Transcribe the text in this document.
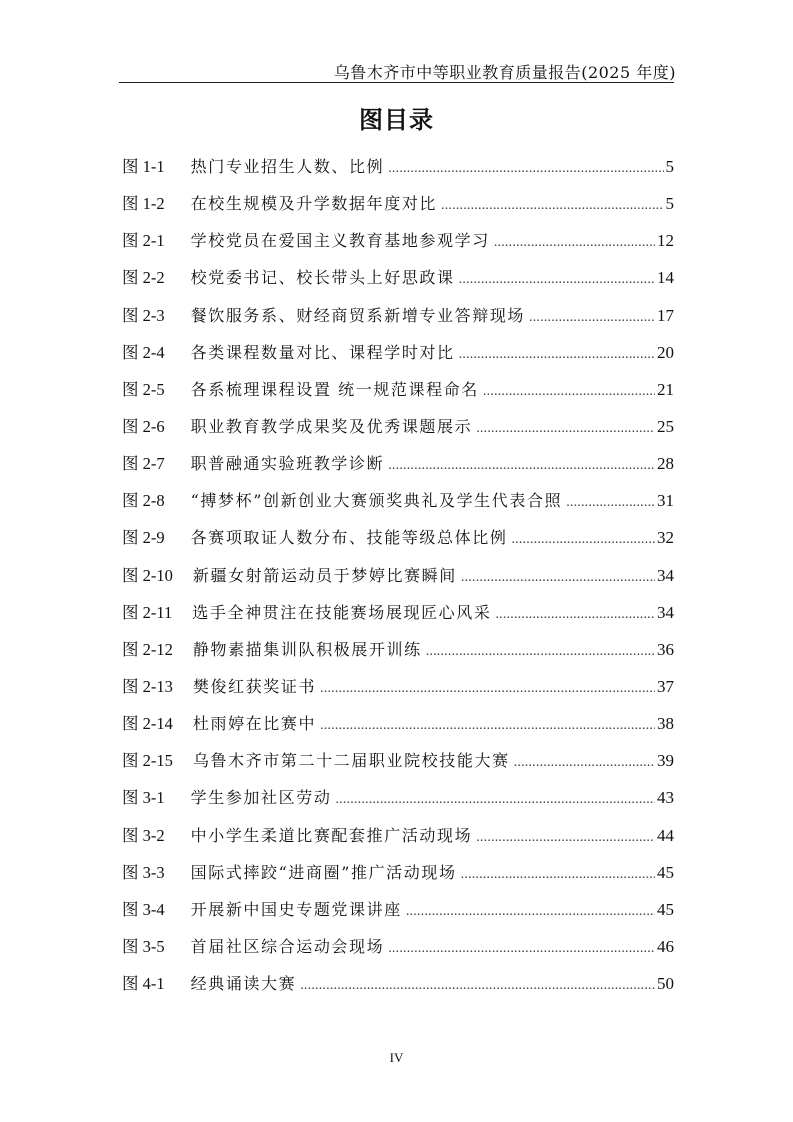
乌鲁木齐市中等职业教育质量报告(2025 年度)
图目录
图 1-1 热门专业招生人数、比例 .....	5
图 1-2 在校生规模及升学数据年度对比 .....	5
图 2-1 学校党员在爱国主义教育基地参观学习 .....	12
图 2-2 校党委书记、校长带头上好思政课 .....	14
图 2-3 餐饮服务系、财经商贸系新增专业答辩现场 .....	17
图 2-4 各类课程数量对比、课程学时对比 .....	20
图 2-5 各系梳理课程设置 统一规范课程命名 .....	21
图 2-6 职业教育教学成果奖及优秀课题展示 .....	25
图 2-7 职普融通实验班教学诊断 .....	28
图 2-8 “搏梦杯”创新创业大赛颁奖典礼及学生代表合照 .....	31
图 2-9 各赛项取证人数分布、技能等级总体比例 .....	32
图 2-10 新疆女射箭运动员于梦婷比赛瞬间 .....	34
图 2-11 选手全神贯注在技能赛场展现匠心风采 .....	34
图 2-12 静物素描集训队积极展开训练 .....	36
图 2-13 樊俊红获奖证书 .....	37
图 2-14 杜雨婷在比赛中 .....	38
图 2-15 乌鲁木齐市第二十二届职业院校技能大赛 .....	39
图 3-1 学生参加社区劳动 .....	43
图 3-2 中小学生柔道比赛配套推广活动现场 .....	44
图 3-3 国际式摔跤“进商圈”推广活动现场 .....	45
图 3-4 开展新中国史专题党课讲座 .....	45
图 3-5 首届社区综合运动会现场 .....	46
图 4-1 经典诵读大赛 .....	50
IV
